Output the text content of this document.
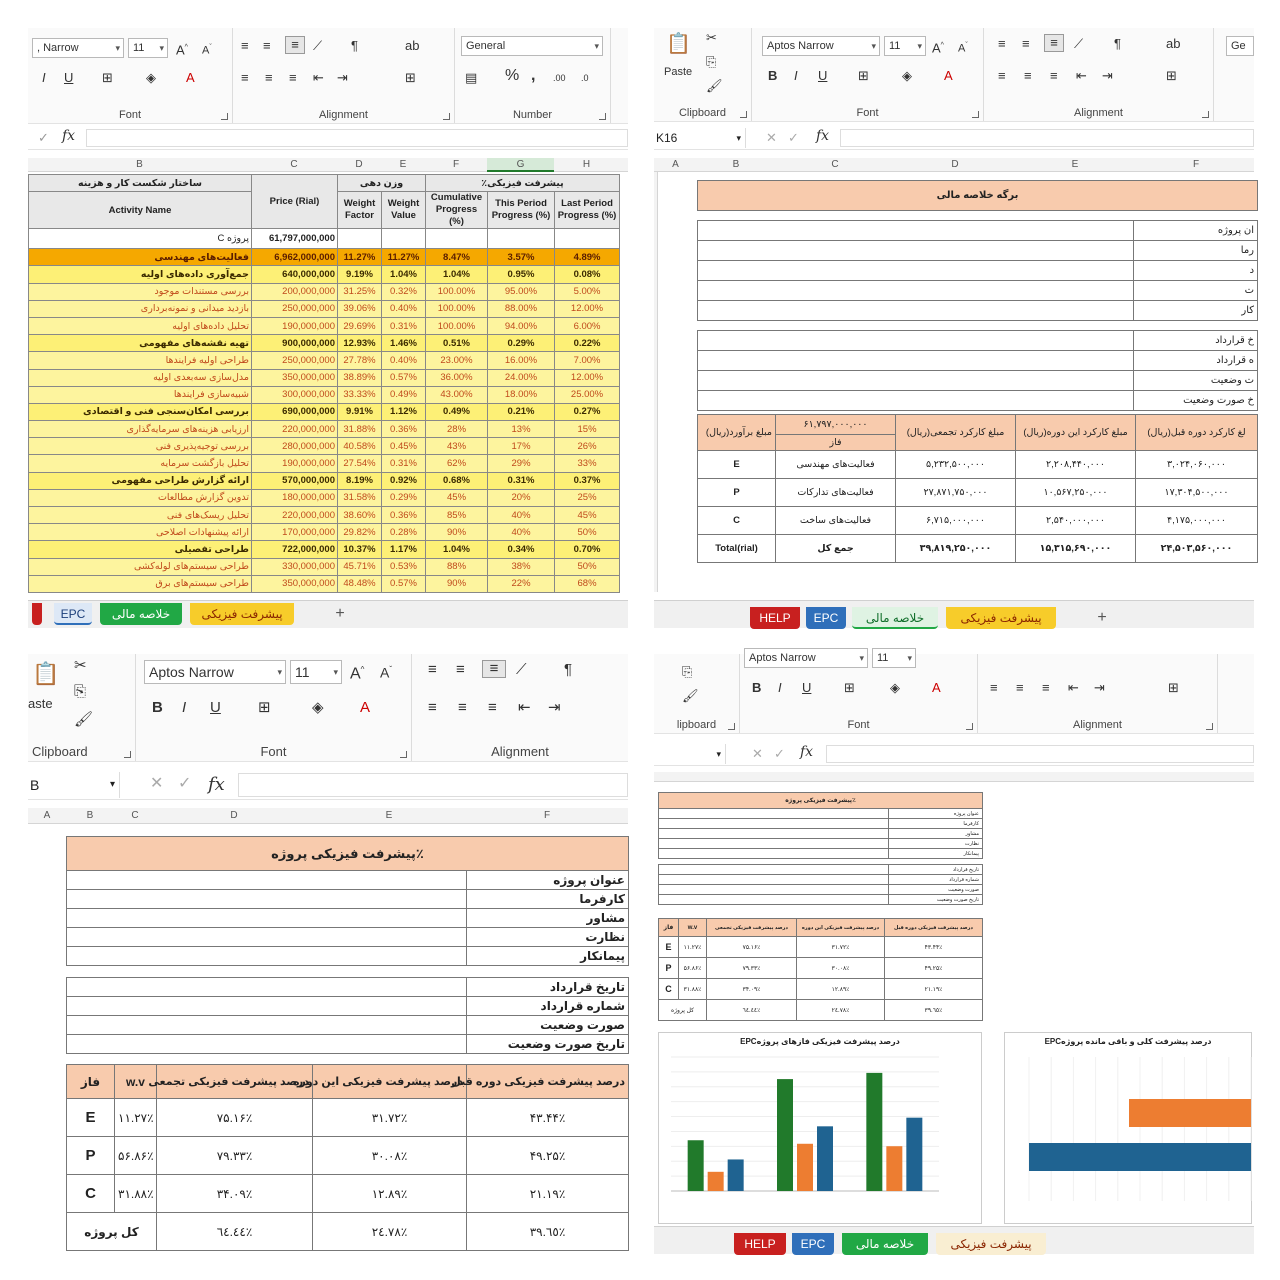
, Narrow	▾	11 ▾ A^ $A^ˇ$
I U ⊞	◈ A
Font
≡ ≡	≡	⟋ ¶	ab
≡ ≡ ≡ ⇤ ⇥	⊞
Alignment
General	▾
▤ % , .00 .0
Number
✓ fx
B	C	D	E	F	G	H
ساختار شکست کار و هزینه	Price (Rial)	وزن دهی		پیشرفت فیزیکی٪			
Activity Name		Weight Factor	Weight Value	Cumulative Progress (%)	This Period Progress (%)	Last Period Progress (%)	
پروژه C	61,797,000,000						
فعالیت‌های مهندسی	6,962,000,000	11.27%	11.27%	8.47%	3.57%	4.89%	
جمع‌آوری داده‌های اولیه	640,000,000	9.19%	1.04%	1.04%	0.95%	0.08%	
بررسی مستندات موجود	200,000,000	31.25%	0.32%	100.00%	95.00%	5.00%	
بازدید میدانی و نمونه‌برداری	250,000,000	39.06%	0.40%	100.00%	88.00%	12.00%	
تحلیل داده‌های اولیه	190,000,000	29.69%	0.31%	100.00%	94.00%	6.00%	
تهیه نقشه‌های مفهومی	900,000,000	12.93%	1.46%	0.51%	0.29%	0.22%	
طراحی اولیه فرایندها	250,000,000	27.78%	0.40%	23.00%	16.00%	7.00%	
مدل‌سازی سه‌بعدی اولیه	350,000,000	38.89%	0.57%	36.00%	24.00%	12.00%	
شبیه‌سازی فرایندها	300,000,000	33.33%	0.49%	43.00%	18.00%	25.00%	
بررسی امکان‌سنجی فنی و اقتصادی	690,000,000	9.91%	1.12%	0.49%	0.21%	0.27%	
ارزیابی هزینه‌های سرمایه‌گذاری	220,000,000	31.88%	0.36%	28%	13%	15%	
بررسی توجیه‌پذیری فنی	280,000,000	40.58%	0.45%	43%	17%	26%	
تحلیل بازگشت سرمایه	190,000,000	27.54%	0.31%	62%	29%	33%	
ارائه گزارش طراحی مفهومی	570,000,000	8.19%	0.92%	0.68%	0.31%	0.37%	
تدوین گزارش مطالعات	180,000,000	31.58%	0.29%	45%	20%	25%	
تحلیل ریسک‌های فنی	220,000,000	38.60%	0.36%	85%	40%	45%	
ارائه پیشنهادات اصلاحی	170,000,000	29.82%	0.28%	90%	40%	50%	
طراحی تفصیلی	722,000,000	10.37%	1.17%	1.04%	0.34%	0.70%	
طراحی سیستم‌های لوله‌کشی	330,000,000	45.71%	0.53%	88%	38%	50%	
طراحی سیستم‌های برق	350,000,000	48.48%	0.57%	90%	22%	68%	
EPC	خلاصه مالی	پیشرفت فیزیکی	+
📋
Paste
✂
⎘
🖌
Clipboard
Aptos Narrow	▾	11 ▾ A^ $A^ˇ$
B I U ⊞	◈ A
Font
≡ ≡	≡	⟋ ¶	ab
≡ ≡ ≡ ⇤ ⇥	⊞
Alignment
Ge
K16	▾ ✕ ✓ fx
A	B	C	D	E	F
برگه خلاصه مالی	

	ان پروژه
	رما
	د
	ت
	کار

	خ قرارداد
	ه قرارداد
	ت وضعیت
	خ صورت وضعیت
مبلغ برآورد(ریال)	۶۱,۷۹۷,۰۰۰,۰۰۰	مبلغ کارکرد تجمعی(ریال)	مبلغ کارکرد این دوره(ریال)	لغ کارکرد دوره قبل(ریال)
	فاز			
E	فعالیت‌های مهندسی	۵,۲۳۲,۵۰۰,۰۰۰	۲,۲۰۸,۴۴۰,۰۰۰	۳,۰۲۴,۰۶۰,۰۰۰
P	فعالیت‌های تدارکات	۲۷,۸۷۱,۷۵۰,۰۰۰	۱۰,۵۶۷,۲۵۰,۰۰۰	۱۷,۳۰۴,۵۰۰,۰۰۰
C	فعالیت‌های ساخت	۶,۷۱۵,۰۰۰,۰۰۰	۲,۵۴۰,۰۰۰,۰۰۰	۴,۱۷۵,۰۰۰,۰۰۰
Total(rial)	جمع کل	۳۹,۸۱۹,۲۵۰,۰۰۰	۱۵,۳۱۵,۶۹۰,۰۰۰	۲۴,۵۰۳,۵۶۰,۰۰۰
HELP	EPC	خلاصه مالی	پیشرفت فیزیکی	+
📋
aste
✂
⎘
🖌
Clipboard
Aptos Narrow	▾ 11	▾ A^ $A^ˇ$
B I U ⊞	◈ A
Font
≡ ≡	≡	⟋ ¶
≡ ≡ ≡ ⇤ ⇥
Alignment
B	▾ ✕ ✓ fx
A	B	C	D	E	F
پیشرفت فیزیکی پروژه٪	
	عنوان پروژه
	کارفرما
	مشاور
	نظارت
	پیمانکار

	تاریخ قرارداد
	شماره قرارداد
	صورت وضعیت
	تاریخ صورت وضعیت
فاز	w.v	درصد پیشرفت فیزیکی تجمعی	درصد پیشرفت فیزیکی این دوره	درصد پیشرفت فیزیکی دوره قبل
E	۱۱.۲۷٪	۷۵.۱۶٪	۳۱.۷۲٪	۴۳.۴۴٪
P	۵۶.۸۶٪	۷۹.۳۳٪	۳۰.۰۸٪	۴۹.۲۵٪
C	۳۱.۸۸٪	۳۴.۰۹٪	۱۲.۸۹٪	۲۱.۱۹٪
کل پروژه		٦٤.٤٤٪	٢٤.٧٨٪	٣٩.٦٥٪
⎘
🖌
lipboard
Aptos Narrow	▾	11 ▾
B I U	⊞	◈ A
Font
≡ ≡ ≡ ⇤ ⇥	⊞
Alignment
▾ ✕ ✓ fx
پیشرفت فیزیکی پروژه٪	
	عنوان پروژه
	کارفرما
	مشاور
	نظارت
	پیمانکار

	تاریخ قرارداد
	شماره قرارداد
	صورت وضعیت
	تاریخ صورت وضعیت
فاز	w.v	درصد پیشرفت فیزیکی تجمعی	درصد پیشرفت فیزیکی این دوره	درصد پیشرفت فیزیکی دوره قبل
E	۱۱.۲۷٪	۷۵.۱۶٪	۳۱.۷۲٪	۴۳.۴۴٪
P	۵۶.۸۶٪	۷۹.۳۳٪	۳۰.۰۸٪	۴۹.۲۵٪
C	۳۱.۸۸٪	۳۴.۰۹٪	۱۲.۸۹٪	۲۱.۱۹٪
کل پروژه		٦٤.٤٤٪	٢٤.٧٨٪	٣٩.٦٥٪
درصد پیشرفت فیزیکی فازهای پروژهEPC	درصد پیشرفت کلی و باقی مانده پروژهEPC
HELP	EPC	خلاصه مالی	پیشرفت فیزیکی
